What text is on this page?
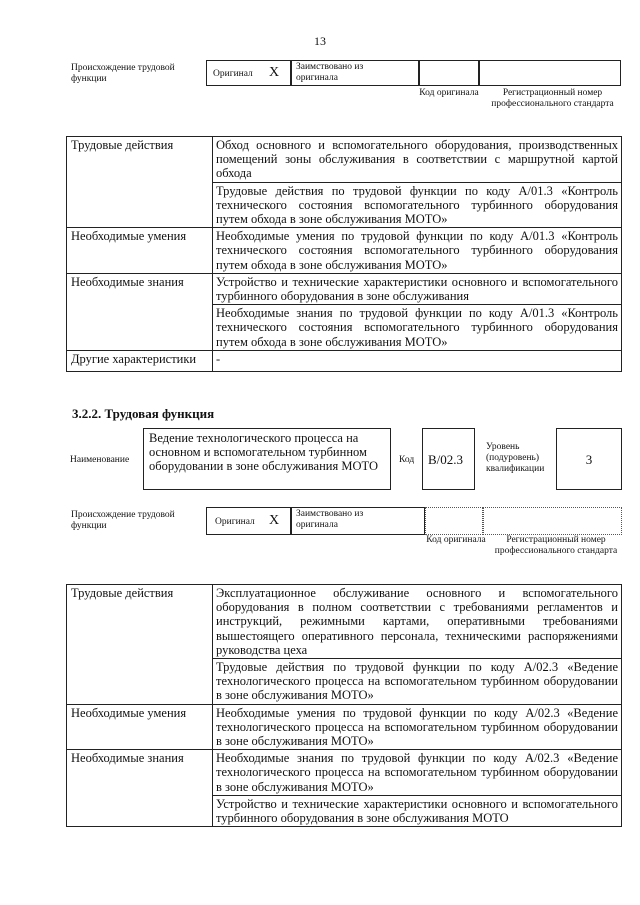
13
Происхождение трудовой функции	Оригинал X Заимствовано из оригинала
Код оригинала	Регистрационный номер профессионального стандарта
Трудовые действия	Обход основного и вспомогательного оборудования, производственных помещений зоны обслуживания в соответствии с маршрутной картой обхода
	Трудовые действия по трудовой функции по коду A/01.3 «Контроль технического состояния вспомогательного турбинного оборудования путем обхода в зоне обслуживания МОТО»
Необходимые умения	Необходимые умения по трудовой функции по коду A/01.3 «Контроль технического состояния вспомогательного турбинного оборудования путем обхода в зоне обслуживания МОТО»
Необходимые знания	Устройство и технические характеристики основного и вспомогательного турбинного оборудования в зоне обслуживания
	Необходимые знания по трудовой функции по коду A/01.3 «Контроль технического состояния вспомогательного турбинного оборудования путем обхода в зоне обслуживания МОТО»
Другие характеристики	-
3.2.2. Трудовая функция
Наименование
Ведение технологического процесса на основном и вспомогательном турбинном оборудовании в зоне обслуживания МОТО	Код B/02.3
Уровень (подуровень) квалификации
3
Происхождение трудовой функции	Оригинал X Заимствовано из оригинала
Код оригинала	Регистрационный номер профессионального стандарта
Трудовые действия	Эксплуатационное обслуживание основного и вспомогательного оборудования в полном соответствии с требованиями регламентов и инструкций, режимными картами, оперативными требованиями вышестоящего оперативного персонала, техническими распоряжениями руководства цеха
	Трудовые действия по трудовой функции по коду A/02.3 «Ведение технологического процесса на вспомогательном турбинном оборудовании в зоне обслуживания МОТО»
Необходимые умения	Необходимые умения по трудовой функции по коду A/02.3 «Ведение технологического процесса на вспомогательном турбинном оборудовании в зоне обслуживания МОТО»
Необходимые знания	Необходимые знания по трудовой функции по коду A/02.3 «Ведение технологического процесса на вспомогательном турбинном оборудовании в зоне обслуживания МОТО»
	Устройство и технические характеристики основного и вспомогательного турбинного оборудования в зоне обслуживания МОТО
